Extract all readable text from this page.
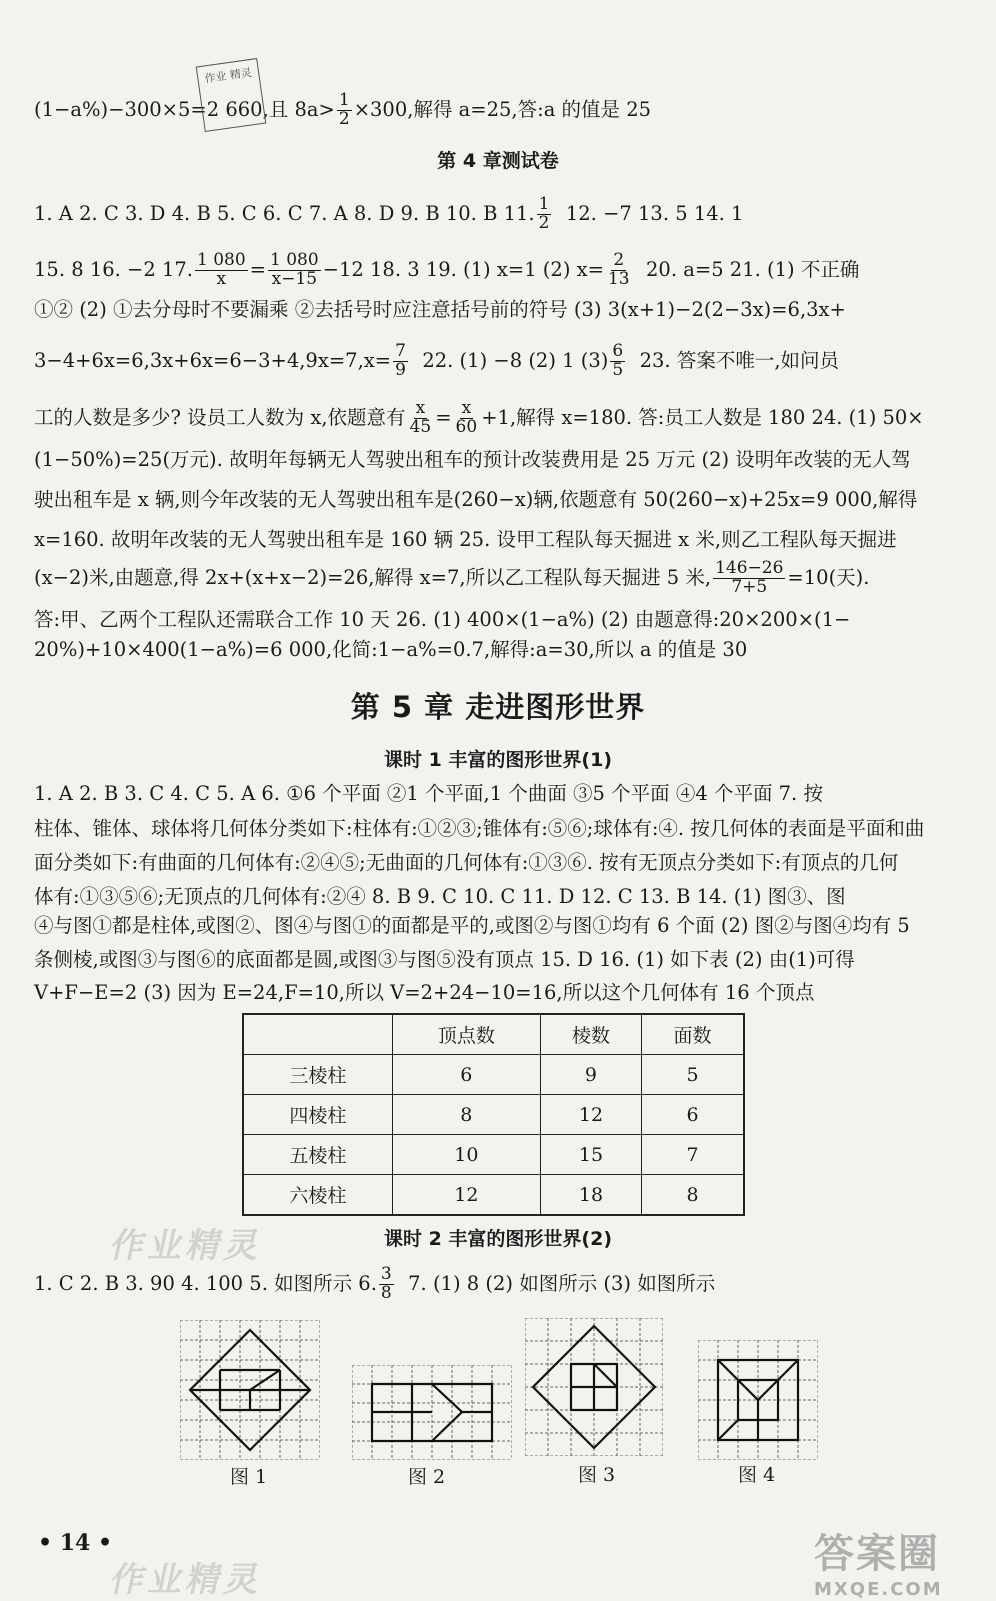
(1−a%)−300×5=2 660,且 $8a> \frac{1}{2} \times 300$,解得 a=25,答:a 的值是 25
作业 精灵
第 4 章测试卷
1. A 2. C 3. D 4. B 5. C 6. C 7. A 8. D 9. B 10. B 11. $\frac{1}{2} 12$. −7 13. 5 14. 1
15. 8 16. −2 17. $\frac{1 080}{x} = \frac{1 080}{x-15} -12$ 18. 3 19. (1) x=1 (2) $x= \frac{2}{13} 20$. a=5 21. (1) 不正确
①② (2) ①去分母时不要漏乘 ②去括号时应注意括号前的符号 (3) 3(x+1)−2(2−3x)=6,3x+
$3-4+6x=6,3x+6x=6-3+4,9x=7,x= \frac{7}{9} 22$. (1) −8 (2) 1 $(3) \frac{6}{5} 23$. 答案不唯一,如问员
工的人数是多少? 设员工人数为 x,依题意有 $\frac{x}{45} = \frac{x}{60} +1$,解得 x=180. 答:员工人数是 180 24. (1) 50×
(1−50%)=25(万元). 故明年每辆无人驾驶出租车的预计改装费用是 25 万元 (2) 设明年改装的无人驾
驶出租车是 x 辆,则今年改装的无人驾驶出租车是(260−x)辆,依题意有 50(260−x)+25x=9 000,解得
x=160. 故明年改装的无人驾驶出租车是 160 辆 25. 设甲工程队每天掘进 x 米,则乙工程队每天掘进
(x−2)米,由题意,得 2x+(x+x−2)=26,解得 x=7,所以乙工程队每天掘进 5 米, $\frac{146-26}{7+5} =10$(天).
答:甲、乙两个工程队还需联合工作 10 天 26. (1) 400×(1−a%) (2) 由题意得:20×200×(1−
20%)+10×400(1−a%)=6 000,化简:1−a%=0.7,解得:a=30,所以 a 的值是 30
第 5 章 走进图形世界
课时 1 丰富的图形世界(1)
1. A 2. B 3. C 4. C 5. A 6. ①6 个平面 ②1 个平面,1 个曲面 ③5 个平面 ④4 个平面 7. 按
柱体、锥体、球体将几何体分类如下:柱体有:①②③;锥体有:⑤⑥;球体有:④. 按几何体的表面是平面和曲
面分类如下:有曲面的几何体有:②④⑤;无曲面的几何体有:①③⑥. 按有无顶点分类如下:有顶点的几何
体有:①③⑤⑥;无顶点的几何体有:②④ 8. B 9. C 10. C 11. D 12. C 13. B 14. (1) 图③、图
④与图①都是柱体,或图②、图④与图①的面都是平的,或图②与图①均有 6 个面 (2) 图②与图④均有 5
条侧棱,或图③与图⑥的底面都是圆,或图③与图⑤没有顶点 15. D 16. (1) 如下表 (2) 由(1)可得
V+F−E=2 (3) 因为 E=24,F=10,所以 V=2+24−10=16,所以这个几何体有 16 个顶点
	顶点数	棱数	面数
三棱柱	6	9	5
四棱柱	8	12	6
五棱柱	10	15	7
六棱柱	12	18	8
课时 2 丰富的图形世界(2)
1. C 2. B 3. 90 4. 100 5. 如图所示 6. $\frac{3}{8} 7$. (1) 8 (2) 如图所示 (3) 如图所示
图 1	图 2	图 3	图 4
• 14 •
作业精灵
作业精灵
答案圈
MXQE.COM
